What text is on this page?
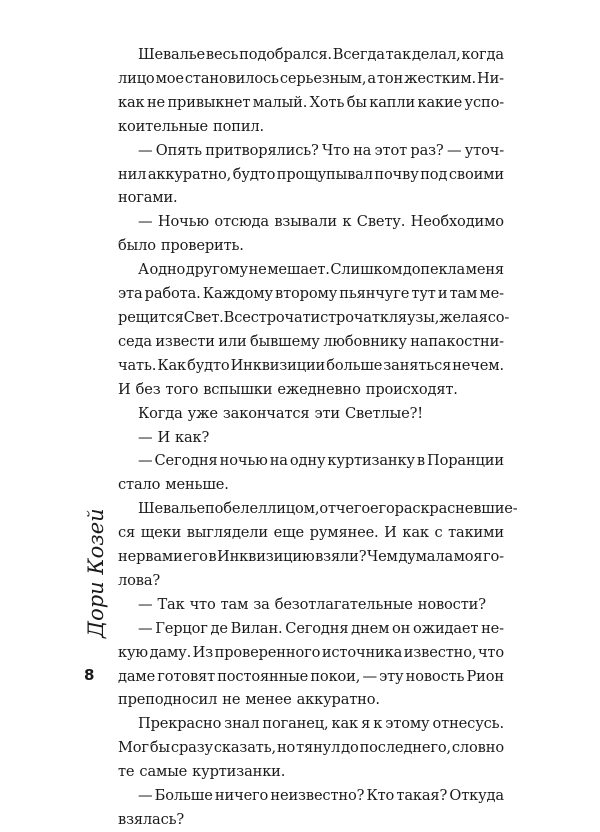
Шевалье весь подобрался. Всегда так делал, когда
лицо мое становилось серьезным, а тон жестким. Ни-
как не привыкнет малый. Хоть бы капли какие успо-
коительные попил.
— Опять притворялись? Что на этот раз? — уточ-
нил аккуратно, будто прощупывал почву под своими
ногами.
— Ночью отсюда взывали к Свету. Необходимо
было проверить.
А одно другому не мешает. Слишком допекла меня
эта работа. Каждому второму пьянчуге тут и там ме-
рещится Свет. Все строчат и строчат кляузы, желая со-
седа извести или бывшему любовнику напакостни-
чать. Как будто Инквизиции больше заняться нечем.
И без того вспышки ежедневно происходят.
Когда уже закончатся эти Светлые?!
— И как?
— Сегодня ночью на одну куртизанку в Поранции
стало меньше.
Шевалье побелел лицом, отчего его раскрасневшие-
ся щеки выглядели еще румянее. И как с такими
нервами его в Инквизицию взяли? Чем думала моя го-
лова?
— Так что там за безотлагательные новости?
— Герцог де Вилан. Сегодня днем он ожидает не-
кую даму. Из проверенного источника известно, что
даме готовят постоянные покои, — эту новость Рион
преподносил не менее аккуратно.
Прекрасно знал поганец, как я к этому отнесусь.
Мог бы сразу сказать, но тянул до последнего, словно
те самые куртизанки.
— Больше ничего неизвестно? Кто такая? Откуда
взялась?
Дори Козей
8
